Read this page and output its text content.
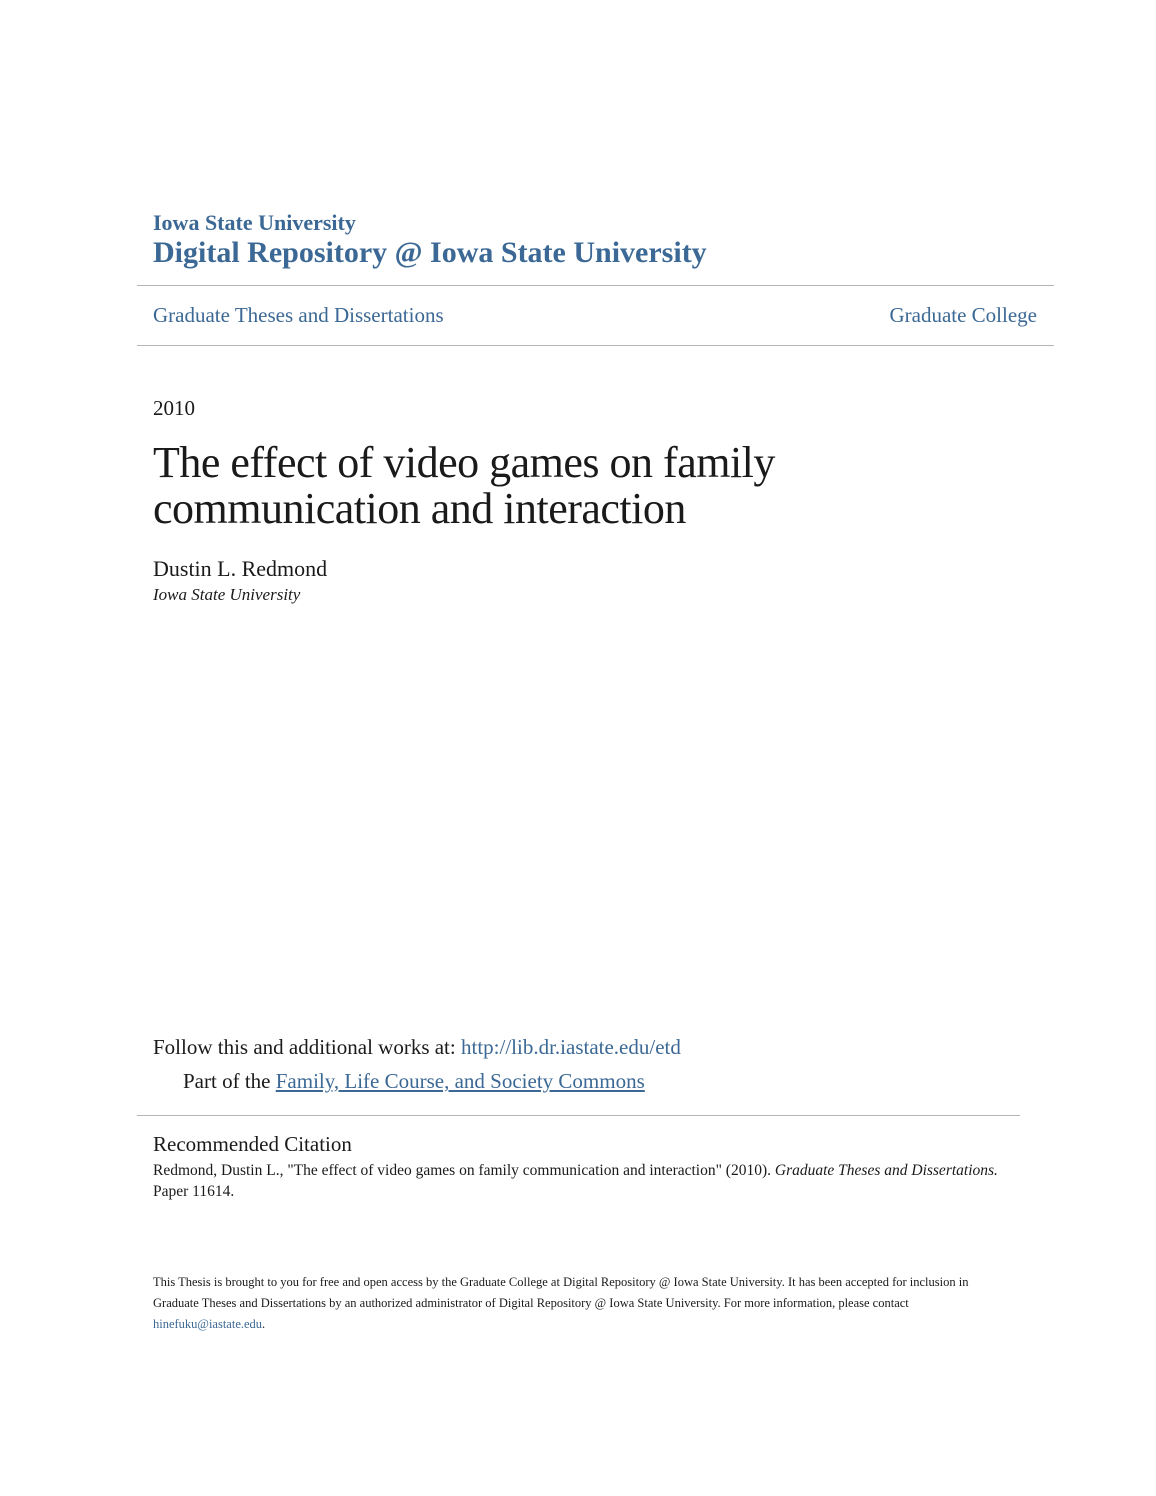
Iowa State University
Digital Repository @ Iowa State University
Graduate Theses and Dissertations	Graduate College
2010
The effect of video games on family communication and interaction
Dustin L. Redmond
Iowa State University
Follow this and additional works at: http://lib.dr.iastate.edu/etd
Part of the Family, Life Course, and Society Commons
Recommended Citation
Redmond, Dustin L., "The effect of video games on family communication and interaction" (2010). Graduate Theses and Dissertations.
Paper 11614.
This Thesis is brought to you for free and open access by the Graduate College at Digital Repository @ Iowa State University. It has been accepted for inclusion in Graduate Theses and Dissertations by an authorized administrator of Digital Repository @ Iowa State University. For more information, please contact hinefuku@iastate.edu.
